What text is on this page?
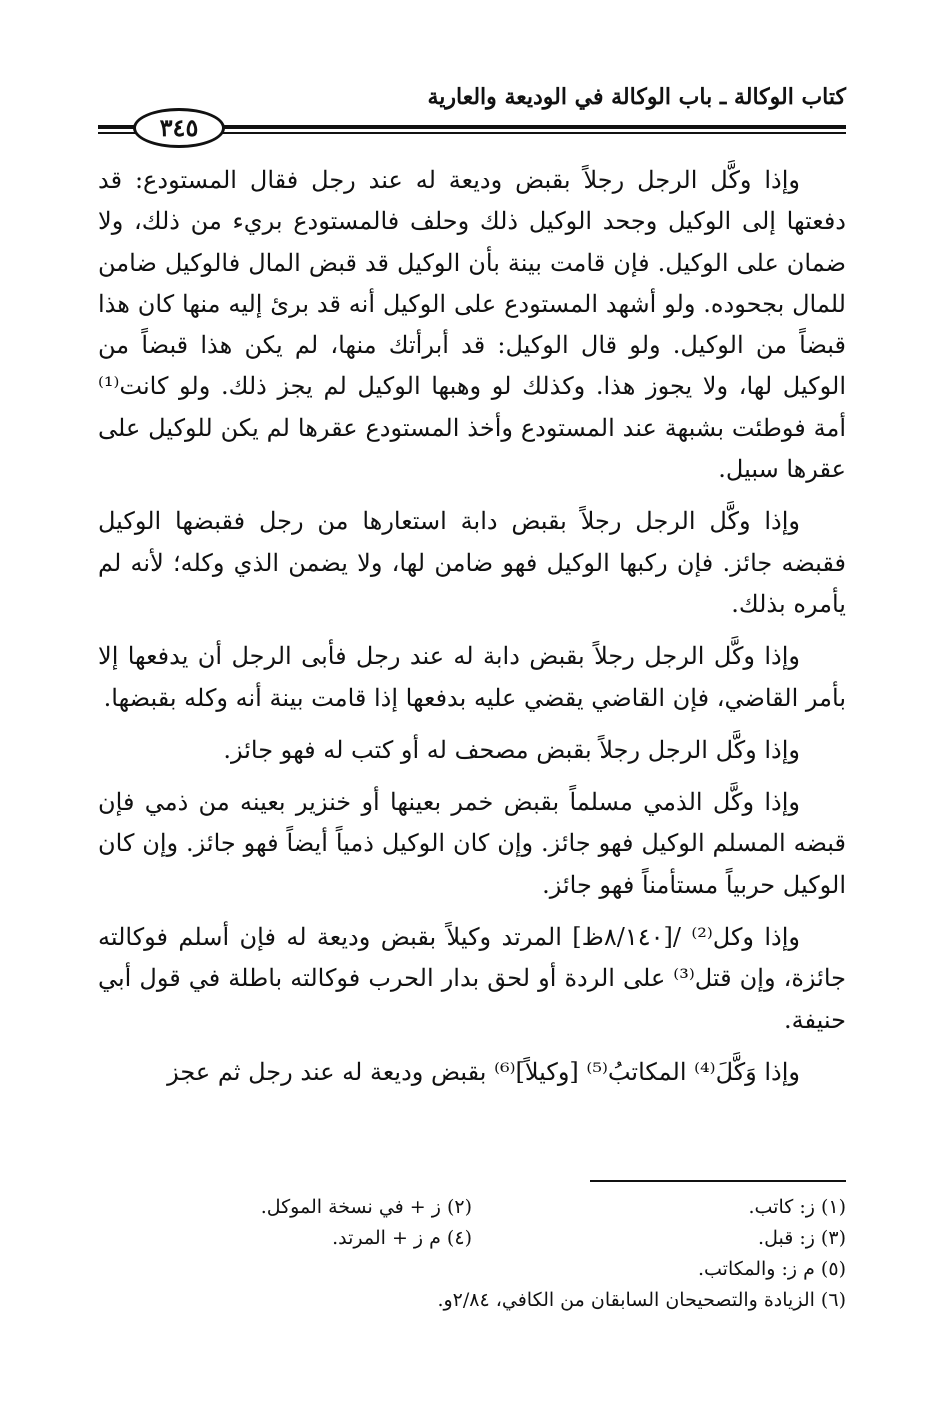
كتاب الوكالة ـ باب الوكالة في الوديعة والعارية
٣٤٥

وإذا وكَّل الرجل رجلاً بقبض وديعة له عند رجل فقال المستودع: قد دفعتها إلى الوكيل وجحد الوكيل ذلك وحلف فالمستودع بريء من ذلك، ولا ضمان على الوكيل. فإن قامت بينة بأن الوكيل قد قبض المال فالوكيل ضامن للمال بجحوده. ولو أشهد المستودع على الوكيل أنه قد برئ إليه منها كان هذا قبضاً من الوكيل. ولو قال الوكيل: قد أبرأتك منها، لم يكن هذا قبضاً من الوكيل لها، ولا يجوز هذا. وكذلك لو وهبها الوكيل لم يجز ذلك. ولو كانت⁽¹⁾ أمة فوطئت بشبهة عند المستودع وأخذ المستودع عقرها لم يكن للوكيل على عقرها سبيل.

وإذا وكَّل الرجل رجلاً بقبض دابة استعارها من رجل فقبضها الوكيل فقبضه جائز. فإن ركبها الوكيل فهو ضامن لها، ولا يضمن الذي وكله؛ لأنه لم يأمره بذلك.

وإذا وكَّل الرجل رجلاً بقبض دابة له عند رجل فأبى الرجل أن يدفعها إلا بأمر القاضي، فإن القاضي يقضي عليه بدفعها إذا قامت بينة أنه وكله بقبضها.

وإذا وكَّل الرجل رجلاً بقبض مصحف له أو كتب له فهو جائز.

وإذا وكَّل الذمي مسلماً بقبض خمر بعينها أو خنزير بعينه من ذمي فإن قبضه المسلم الوكيل فهو جائز. وإن كان الوكيل ذمياً أيضاً فهو جائز. وإن كان الوكيل حربياً مستأمناً فهو جائز.

وإذا وكل⁽²⁾ /[٨/١٤٠ظ] المرتد وكيلاً بقبض وديعة له فإن أسلم فوكالته جائزة، وإن قتل⁽³⁾ على الردة أو لحق بدار الحرب فوكالته باطلة في قول أبي حنيفة.

وإذا وَكَّلَ⁽⁴⁾ المكاتبُ⁽⁵⁾ [وكيلاً]⁽⁶⁾ بقبض وديعة له عند رجل ثم عجز

(١) ز: كاتب.
(٢) ز + في نسخة الموكل.
(٣) ز: قبل.
(٤) م ز + المرتد.
(٥) م ز: والمكاتب.
(٦) الزيادة والتصحيحان السابقان من الكافي، ٢/٨٤و.
